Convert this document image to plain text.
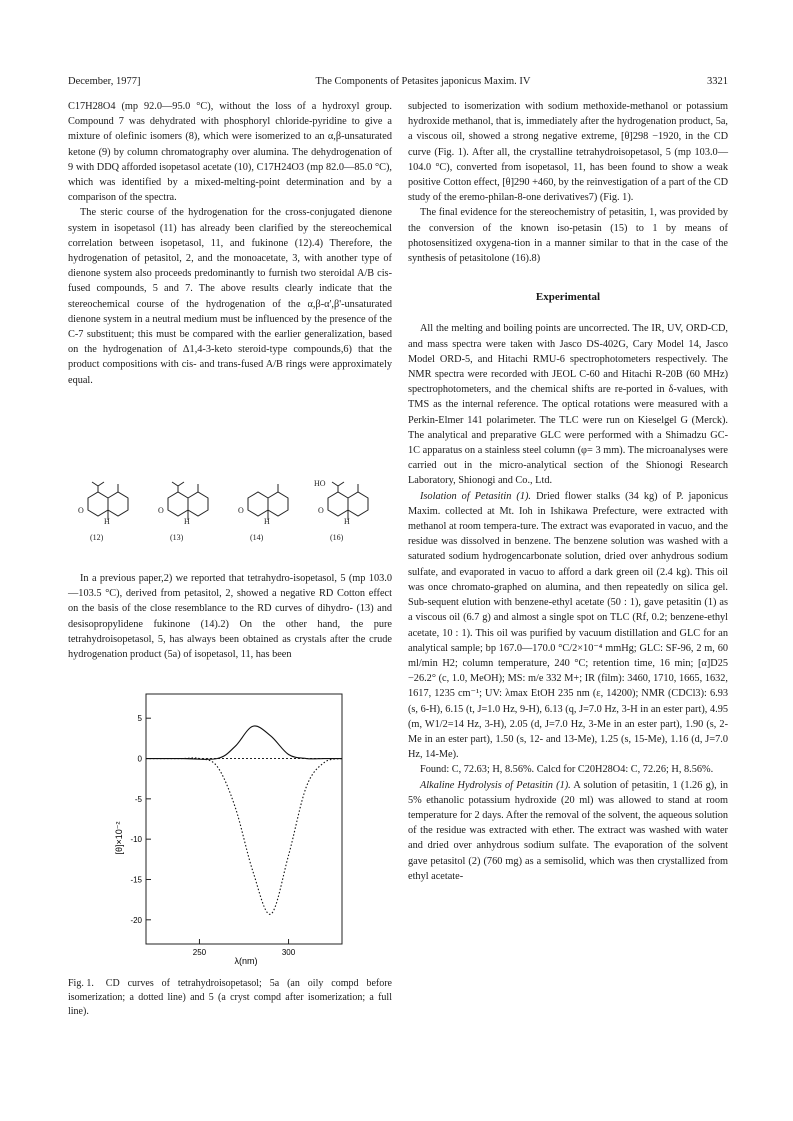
December, 1977]	The Components of Petasites japonicus Maxim. IV	3321

C17H28O4 (mp 92.0—95.0 °C), without the loss of a hydroxyl group. Compound 7 was dehydrated with phosphoryl chloride-pyridine to give a mixture of olefinic isomers (8), which were isomerized to an α,β-unsaturated ketone (9) by column chromatography over alumina. The dehydrogenation of 9 with DDQ afforded isopetasol acetate (10), C17H24O3 (mp 82.0—85.0 °C), which was identified by a mixed-melting-point determination and by a comparison of the spectra.

The steric course of the hydrogenation for the cross-conjugated dienone system in isopetasol (11) has already been clarified by the stereochemical correlation between isopetasol, 11, and fukinone (12).4) Therefore, the hydrogenation of petasitol, 2, and the monoacetate, 3, with another type of dienone system also proceeds predominantly to furnish two steroidal A/B cis-fused compounds, 5 and 7. The above results clearly indicate that the stereochemical course of the hydrogenation of the α,β-α',β'-unsaturated dienone system in a neutral medium must be influenced by the presence of the C-7 substituent; this must be compared with the earlier generalization, based on the hydrogenation of Δ1,4-3-keto steroid-type compounds,6) that the product compositions with cis- and trans-fused A/B rings were approximately equal.

O
H
O
H
O
H
HO
O
H
(12)	(13)	(14)	(16)

In a previous paper,2) we reported that tetrahydro-isopetasol, 5 (mp 103.0—103.5 °C), derived from petasitol, 2, showed a negative RD Cotton effect on the basis of the close resemblance to the RD curves of dihydro- (13) and desisopropylidene fukinone (14).2) On the other hand, the pure tetrahydroisopetasol, 5, has always been obtained as crystals after the crude hydrogenation product (5a) of isopetasol, 11, has been

[θ]×10⁻²
λ(nm)
5
0
-5
-10
-15
-20
250	300
Fig. 1. CD curves of tetrahydroisopetasol; 5a (an oily compd before isomerization; a dotted line) and 5 (a cryst compd after isomerization; a full line).

subjected to isomerization with sodium methoxide-methanol or potassium hydroxide methanol, that is, immediately after the hydrogenation product, 5a, a viscous oil, showed a strong negative extreme, [θ]298 −1920, in the CD curve (Fig. 1). After all, the crystalline tetrahydroisopetasol, 5 (mp 103.0—104.0 °C), converted from isopetasol, 11, has been found to show a weak positive Cotton effect, [θ]290 +460, by the reinvestigation of a part of the CD study of the eremo-philan-8-one derivatives7) (Fig. 1).

The final evidence for the stereochemistry of petasitin, 1, was provided by the conversion of the known iso-petasin (15) to 1 by means of photosensitized oxygena-tion in a manner similar to that in the case of the synthesis of petasitolone (16).8)

Experimental

All the melting and boiling points are uncorrected. The IR, UV, ORD-CD, and mass spectra were taken with Jasco DS-402G, Cary Model 14, Jasco Model ORD-5, and Hitachi RMU-6 spectrophotometers respectively. The NMR spectra were recorded with JEOL C-60 and Hitachi R-20B (60 MHz) spectrophotometers, and the chemical shifts are re-ported in δ-values, with TMS as the internal reference. The optical rotations were measured with a Perkin-Elmer 141 polarimeter. The TLC were run on Kieselgel G (Merck). The analytical and preparative GLC were performed with a Shimadzu GC-1C apparatus on a stainless steel column (φ= 3 mm). The microanalyses were carried out in the micro-analytical section of the Shionogi Research Laboratory, Shionogi and Co., Ltd.

Isolation of Petasitin (1). Dried flower stalks (34 kg) of P. japonicus Maxim. collected at Mt. Ioh in Ishikawa Prefecture, were extracted with methanol at room tempera-ture. The extract was evaporated in vacuo, and the residue was dissolved in benzene. The benzene solution was washed with a saturated sodium hydrogencarbonate solution, dried over anhydrous sodium sulfate, and evaporated in vacuo to afford a dark green oil (2.4 kg). This oil was once chromato-graphed on alumina, and then repeatedly on silica gel. Sub-sequent elution with benzene-ethyl acetate (50 : 1), gave petasitin (1) as a viscous oil (6.7 g) and almost a single spot on TLC (Rf, 0.2; benzene-ethyl acetate, 10 : 1). This oil was purified by vacuum distillation and GLC for an analytical sample; bp 167.0—170.0 °C/2×10⁻⁴ mmHg; GLC: SF-96, 2 m, 60 ml/min H2; column temperature, 240 °C; retention time, 16 min; [α]D25 −26.2° (c, 1.0, MeOH); MS: m/e 332 M+; IR (film): 3460, 1710, 1665, 1632, 1617, 1235 cm⁻¹; UV: λmax EtOH 235 nm (ε, 14200); NMR (CDCl3): 6.93 (s, 6-H), 6.15 (t, J=1.0 Hz, 9-H), 6.13 (q, J=7.0 Hz, 3-H in an ester part), 4.95 (m, W1/2=14 Hz, 3-H), 2.05 (d, J=7.0 Hz, 3-Me in an ester part), 1.90 (s, 2-Me in an ester part), 1.50 (s, 12- and 13-Me), 1.25 (s, 15-Me), 1.16 (d, J=7.0 Hz, 14-Me).

Found: C, 72.63; H, 8.56%. Calcd for C20H28O4: C, 72.26; H, 8.56%.

Alkaline Hydrolysis of Petasitin (1). A solution of petasitin, 1 (1.26 g), in 5% ethanolic potassium hydroxide (20 ml) was allowed to stand at room temperature for 2 days. After the removal of the solvent, the aqueous solution of the residue was extracted with ether. The extract was washed with water and dried over anhydrous sodium sulfate. The evaporation of the solvent gave petasitol (2) (760 mg) as a semisolid, which was then crystallized from ethyl acetate-
